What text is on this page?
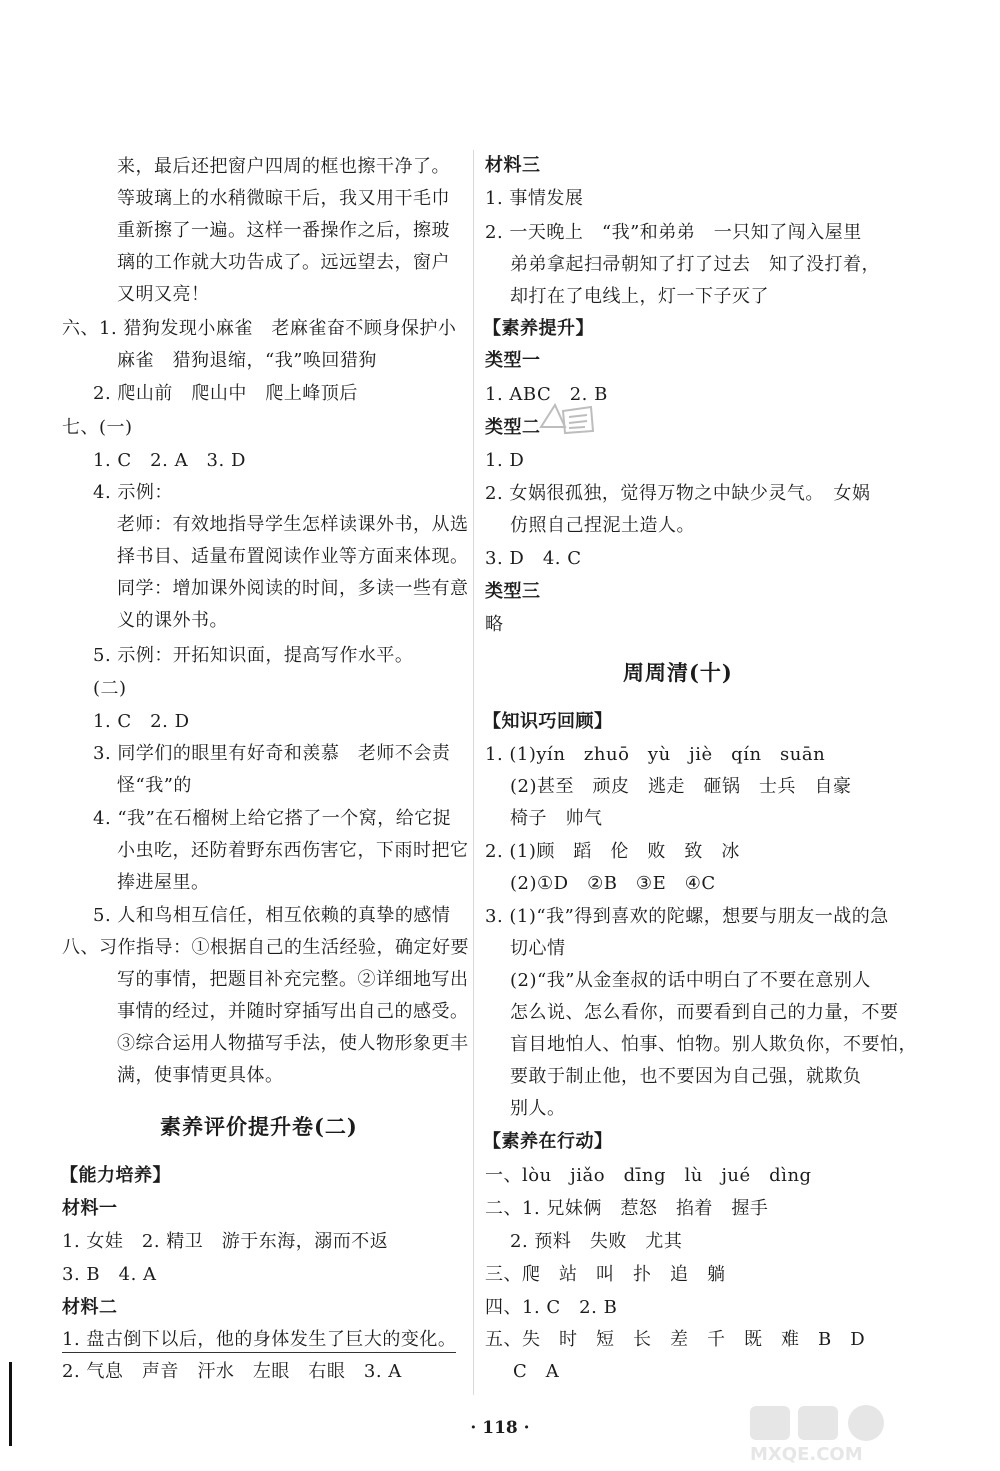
来，最后还把窗户四周的框也擦干净了。
等玻璃上的水稍微晾干后，我又用干毛巾
重新擦了一遍。这样一番操作之后，擦玻
璃的工作就大功告成了。远远望去，窗户
又明又亮！
六、1. 猎狗发现小麻雀　老麻雀奋不顾身保护小
麻雀　猎狗退缩，“我”唤回猎狗
2. 爬山前　爬山中　爬上峰顶后
七、(一)
1. C　2. A　3. D
4. 示例：
老师：有效地指导学生怎样读课外书，从选
择书目、适量布置阅读作业等方面来体现。
同学：增加课外阅读的时间，多读一些有意
义的课外书。
5. 示例：开拓知识面，提高写作水平。
(二)
1. C　2. D
3. 同学们的眼里有好奇和羡慕　老师不会责
怪“我”的
4. “我”在石榴树上给它搭了一个窝，给它捉
小虫吃，还防着野东西伤害它，下雨时把它
捧进屋里。
5. 人和鸟相互信任，相互依赖的真挚的感情
八、习作指导：①根据自己的生活经验，确定好要
写的事情，把题目补充完整。②详细地写出
事情的经过，并随时穿插写出自己的感受。
③综合运用人物描写手法，使人物形象更丰
满，使事情更具体。
素养评价提升卷(二)
【能力培养】
材料一
1. 女娃　2. 精卫　游于东海，溺而不返
3. B　4. A
材料二
1. 盘古倒下以后，他的身体发生了巨大的变化。
2. 气息　声音　汗水　左眼　右眼　3. A
材料三
1. 事情发展
2. 一天晚上　“我”和弟弟　一只知了闯入屋里
弟弟拿起扫帚朝知了打了过去　知了没打着，
却打在了电线上，灯一下子灭了
【素养提升】
类型一
1. ABC　2. B
类型二
1. D
2. 女娲很孤独，觉得万物之中缺少灵气。　女娲
仿照自己捏泥土造人。
3. D　4. C
类型三
略
周周清(十)
【知识巧回顾】
1. (1)yín　zhuō　yù　jiè　qín　suān
(2)甚至　顽皮　逃走　砸锅　士兵　自豪
椅子　帅气
2. (1)顾　蹈　伦　败　致　冰
(2)①D　②B　③E　④C
3. (1)“我”得到喜欢的陀螺，想要与朋友一战的急
切心情
(2)“我”从金奎叔的话中明白了不要在意别人
怎么说、怎么看你，而要看到自己的力量，不要
盲目地怕人、怕事、怕物。别人欺负你，不要怕，
要敢于制止他，也不要因为自己强，就欺负
别人。
【素养在行动】
一、lòu　jiǎo　dīng　lù　jué　dìng
二、1. 兄妹俩　惹怒　掐着　握手
2. 预料　失败　尤其
三、爬　站　叫　扑　追　躺
四、1. C　2. B
五、失　时　短　长　差　千　既　难　B　D
C　A
· 118 ·
MXQE.COM
